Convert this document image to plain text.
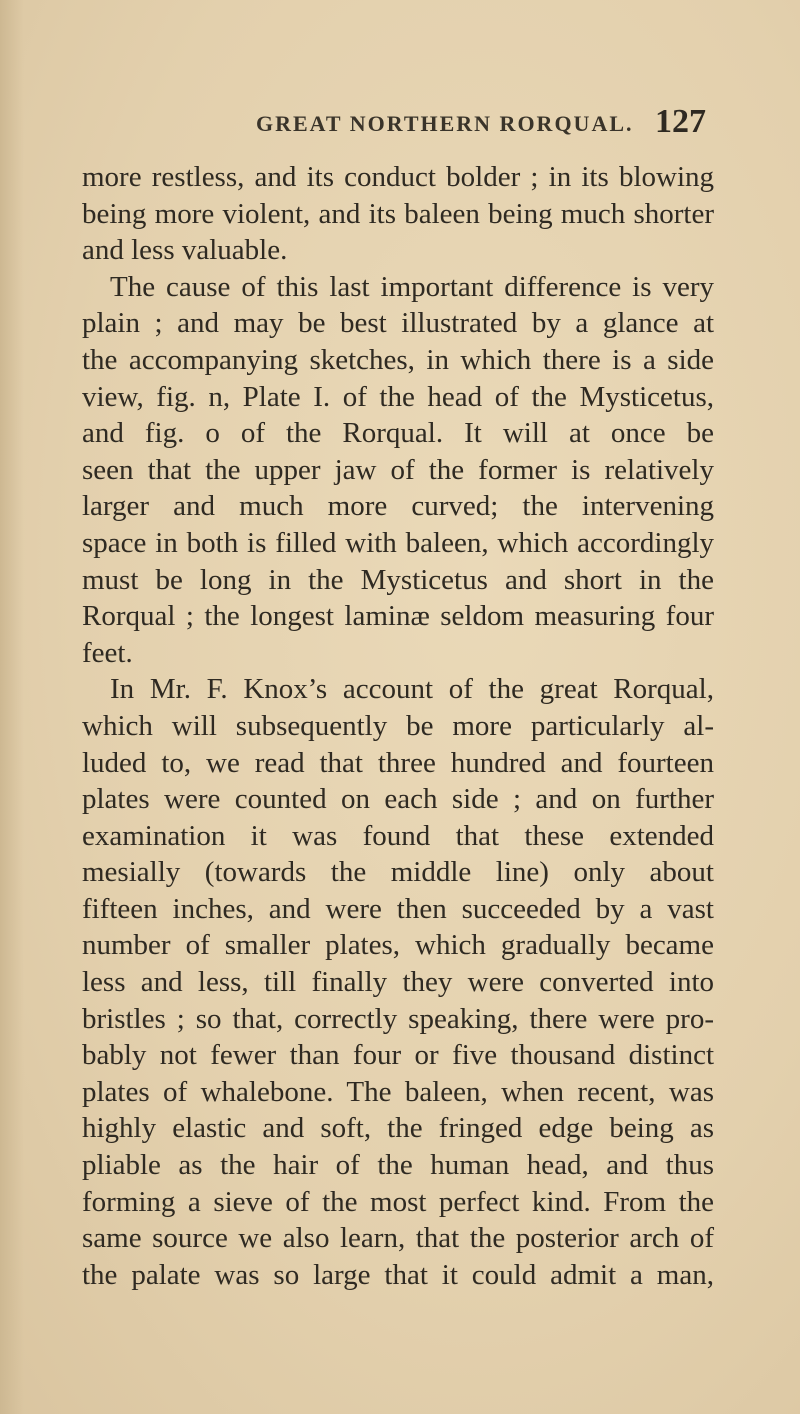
GREAT NORTHERN RORQUAL. 127
more restless, and its conduct bolder ; in its blowing
being more violent, and its baleen being much shorter
and less valuable.
The cause of this last important difference is very
plain ; and may be best illustrated by a glance at
the accompanying sketches, in which there is a side
view, fig. n, Plate I. of the head of the Mysticetus,
and fig. o of the Rorqual. It will at once be
seen that the upper jaw of the former is relatively
larger and much more curved; the intervening
space in both is filled with baleen, which accordingly
must be long in the Mysticetus and short in the
Rorqual ; the longest laminæ seldom measuring four
feet.
In Mr. F. Knox’s account of the great Rorqual,
which will subsequently be more particularly al-
luded to, we read that three hundred and fourteen
plates were counted on each side ; and on further
examination it was found that these extended
mesially (towards the middle line) only about
fifteen inches, and were then succeeded by a vast
number of smaller plates, which gradually became
less and less, till finally they were converted into
bristles ; so that, correctly speaking, there were pro-
bably not fewer than four or five thousand distinct
plates of whalebone. The baleen, when recent, was
highly elastic and soft, the fringed edge being as
pliable as the hair of the human head, and thus
forming a sieve of the most perfect kind. From the
same source we also learn, that the posterior arch of
the palate was so large that it could admit a man,
